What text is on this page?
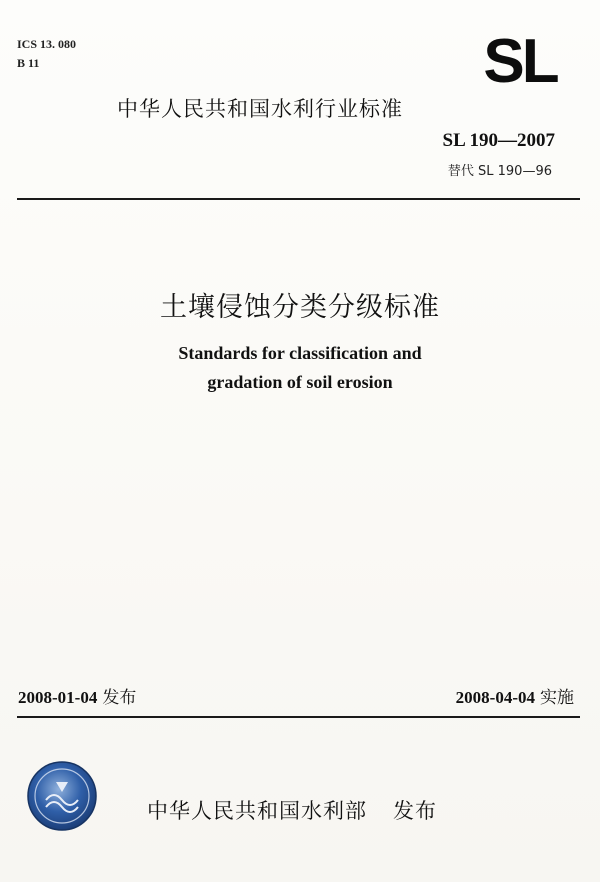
ICS 13. 080
B 11	SL
中华人民共和国水利行业标准
SL 190—2007
替代 SL 190—96
土壤侵蚀分类分级标准
Standards for classification and
gradation of soil erosion
2008-01-04 发布	2008-04-04 实施
中华人民共和国水利部 发布
